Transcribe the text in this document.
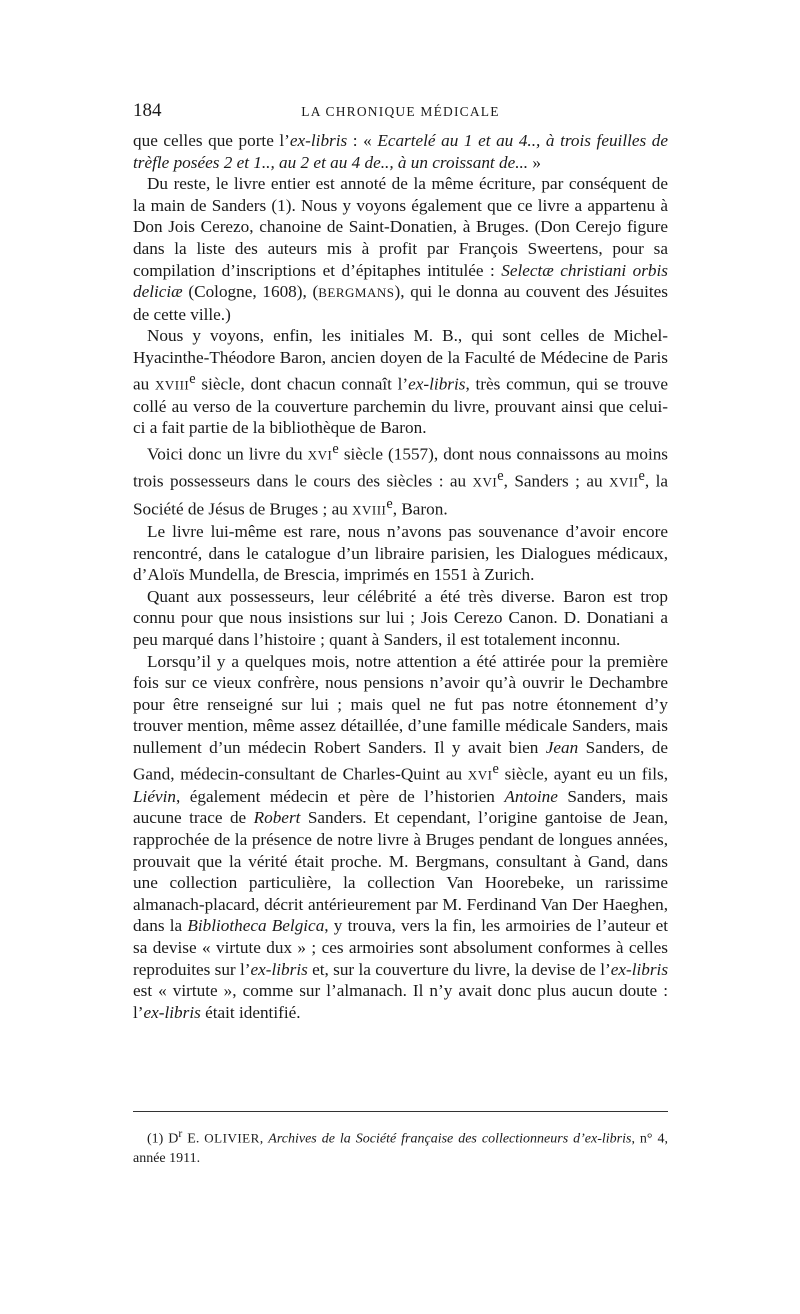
184	LA CHRONIQUE MÉDICALE

que celles que porte l’ex-libris : « Ecartelé au 1 et au 4.., à trois feuilles de trèfle posées 2 et 1.., au 2 et au 4 de.., à un croissant de... »

Du reste, le livre entier est annoté de la même écriture, par conséquent de la main de Sanders (1). Nous y voyons également que ce livre a appartenu à Don Jois Cerezo, chanoine de Saint-Donatien, à Bruges. (Don Cerejo figure dans la liste des auteurs mis à profit par François Sweertens, pour sa compilation d’inscriptions et d’épitaphes intitulée : Selectæ christiani orbis deliciæ (Cologne, 1608), (BERGMANS), qui le donna au couvent des Jésuites de cette ville.)

Nous y voyons, enfin, les initiales M. B., qui sont celles de Michel-Hyacinthe-Théodore Baron, ancien doyen de la Faculté de Médecine de Paris au XVIIIe siècle, dont chacun connaît l’ex-libris, très commun, qui se trouve collé au verso de la couverture parchemin du livre, prouvant ainsi que celui-ci a fait partie de la bibliothèque de Baron.

Voici donc un livre du XVIe siècle (1557), dont nous connaissons au moins trois possesseurs dans le cours des siècles : au XVIe, Sanders ; au XVIIe, la Société de Jésus de Bruges ; au XVIIIe, Baron.

Le livre lui-même est rare, nous n’avons pas souvenance d’avoir encore rencontré, dans le catalogue d’un libraire parisien, les Dialogues médicaux, d’Aloïs Mundella, de Brescia, imprimés en 1551 à Zurich.

Quant aux possesseurs, leur célébrité a été très diverse. Baron est trop connu pour que nous insistions sur lui ; Jois Cerezo Canon. D. Donatiani a peu marqué dans l’histoire ; quant à Sanders, il est totalement inconnu.

Lorsqu’il y a quelques mois, notre attention a été attirée pour la première fois sur ce vieux confrère, nous pensions n’avoir qu’à ouvrir le Dechambre pour être renseigné sur lui ; mais quel ne fut pas notre étonnement d’y trouver mention, même assez détaillée, d’une famille médicale Sanders, mais nullement d’un médecin Robert Sanders. Il y avait bien Jean Sanders, de Gand, médecin-consultant de Charles-Quint au XVIe siècle, ayant eu un fils, Liévin, également médecin et père de l’historien Antoine Sanders, mais aucune trace de Robert Sanders. Et cependant, l’origine gantoise de Jean, rapprochée de la présence de notre livre à Bruges pendant de longues années, prouvait que la vérité était proche. M. Bergmans, consultant à Gand, dans une collection particulière, la collection Van Hoorebeke, un rarissime almanach-placard, décrit antérieurement par M. Ferdinand Van Der Haeghen, dans la Bibliotheca Belgica, y trouva, vers la fin, les armoiries de l’auteur et sa devise « virtute dux » ; ces armoiries sont absolument conformes à celles reproduites sur l’ex-libris et, sur la couverture du livre, la devise de l’ex-libris est « virtute », comme sur l’almanach. Il n’y avait donc plus aucun doute : l’ex-libris était identifié.

(1) $D^r$ E. OLIVIER, Archives de la Société française des collectionneurs d’ex-libris, n° 4, année 1911.
